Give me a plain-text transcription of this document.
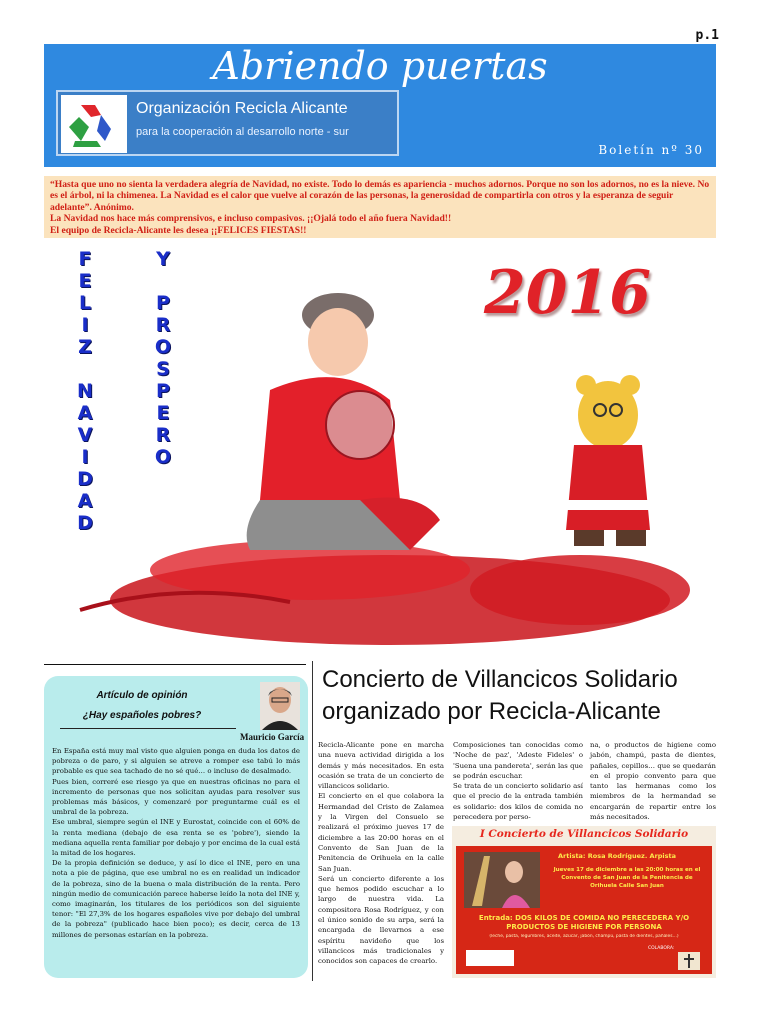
p.1
Abriendo puertas
Organización Recicla Alicante
para la cooperación al desarrollo norte - sur
Boletín nº 30

“Hasta que uno no sienta la verdadera alegría de Navidad, no existe. Todo lo demás es apariencia - muchos adornos. Porque no son los adornos, no es la nieve. No es el árbol, ni la chimenea. La Navidad es el calor que vuelve al corazón de las personas, la generosidad de compartirla con otros y la esperanza de seguir adelante”. Anónimo.

La Navidad nos hace más comprensivos, e incluso compasivos. ¡¡Ojalá todo el año fuera Navidad!!

El equipo de Recicla-Alicante les desea ¡¡FELICES FIESTAS!!

F
E
L
I
Z
N
A
V
I
D
A
D
Y
P
R
O
S
P
E
R
O
2016
Artículo de opinión
¿Hay españoles pobres?
Mauricio García

En España está muy mal visto que alguien ponga en duda los datos de pobreza o de paro, y si alguien se atreve a romper ese tabú lo más probable es que sea tachado de no sé qué… o incluso de desalmado.

Pues bien, correré ese riesgo ya que en nuestras oficinas no para el incremento de personas que nos solicitan ayudas para resolver sus problemas más básicos, y comenzaré por preguntarme cuál es el umbral de la pobreza.

Ese umbral, siempre según el INE y Eurostat, coincide con el 60% de la renta mediana (debajo de esa renta se es 'pobre'), siendo la mediana aquella renta familiar por debajo y por encima de la cual está la mitad de los hogares.

De la propia definición se deduce, y así lo dice el INE, pero en una nota a pie de página, que ese umbral no es en realidad un indicador de la pobreza, sino de la buena o mala distribución de la renta. Pero ningún medio de comunicación parece haberse leído la nota del INE y, como imaginarán, los titulares de los periódicos son del siguiente tenor: "El 27,3% de los hogares españoles vive por debajo del umbral de la pobreza" (publicado hace bien poco); es decir, cerca de 13 millones de personas estarían en la pobreza.

Concierto de Villancicos Solidario
organizado por Recicla-Alicante

Recicla-Alicante pone en marcha una nueva actividad dirigida a los demás y más necesitados. En esta ocasión se trata de un concierto de villancicos solidario.

El concierto en el que colabora la Hermandad del Cristo de Zalamea y la Virgen del Consuelo se realizará el próximo jueves 17 de diciembre a las 20:00 horas en el Convento de San Juan de la Penitencia de Orihuela en la calle San Juan.

Será un concierto diferente a los que hemos podido escuchar a lo largo de nuestra vida. La compositora Rosa Rodríguez, y con el único sonido de su arpa, será la encargada de llevarnos a ese espíritu navideño que los villancicos más tradicionales y conocidos son capaces de crearlo.

Composiciones tan conocidas como 'Noche de paz', 'Adeste Fideles' o 'Suena una pandereta', serán las que se podrán escuchar.

Se trata de un concierto solidario así que el precio de la entrada también es solidario: dos kilos de comida no perecedera por perso-

na, o productos de higiene como jabón, champú, pasta de dientes, pañales, cepillos… que se quedarán en el propio convento para que tanto las hermanas como los miembros de la hermandad se encargarán de repartir entre los más necesitados.

I Concierto de Villancicos Solidario
Artista: Rosa Rodríguez. Arpista
Jueves 17 de diciembre a las 20:00 horas en el Convento de San Juan de la Penitencia de Orihuela Calle San Juan
Entrada: DOS KILOS DE COMIDA NO PERECEDERA Y/O PRODUCTOS DE HIGIENE POR PERSONA
(leche, pasta, legumbres, aceite, azúcar, jabón, champú, pasta de dientes, pañales…)
COLABORA:
